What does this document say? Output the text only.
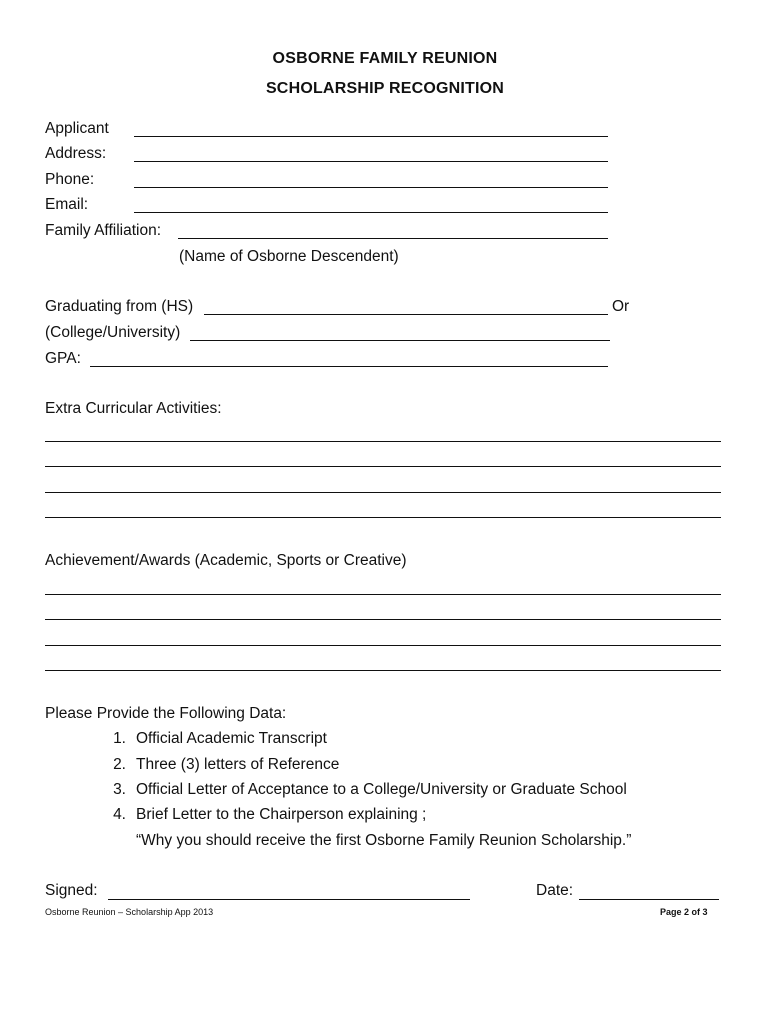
OSBORNE FAMILY REUNION
SCHOLARSHIP RECOGNITION
Applicant
Address:
Phone:
Email:
Family Affiliation:
(Name of Osborne Descendent)
Graduating from (HS)	Or
(College/University)
GPA:
Extra Curricular Activities:
Achievement/Awards (Academic, Sports or Creative)
Please Provide the Following Data:
1. Official Academic Transcript
2. Three (3) letters of Reference
3. Official Letter of Acceptance to a College/University or Graduate School
4. Brief Letter to the Chairperson explaining ;
“Why you should receive the first Osborne Family Reunion Scholarship.”
Signed:	Date:
Osborne Reunion – Scholarship App 2013	Page 2 of 3
